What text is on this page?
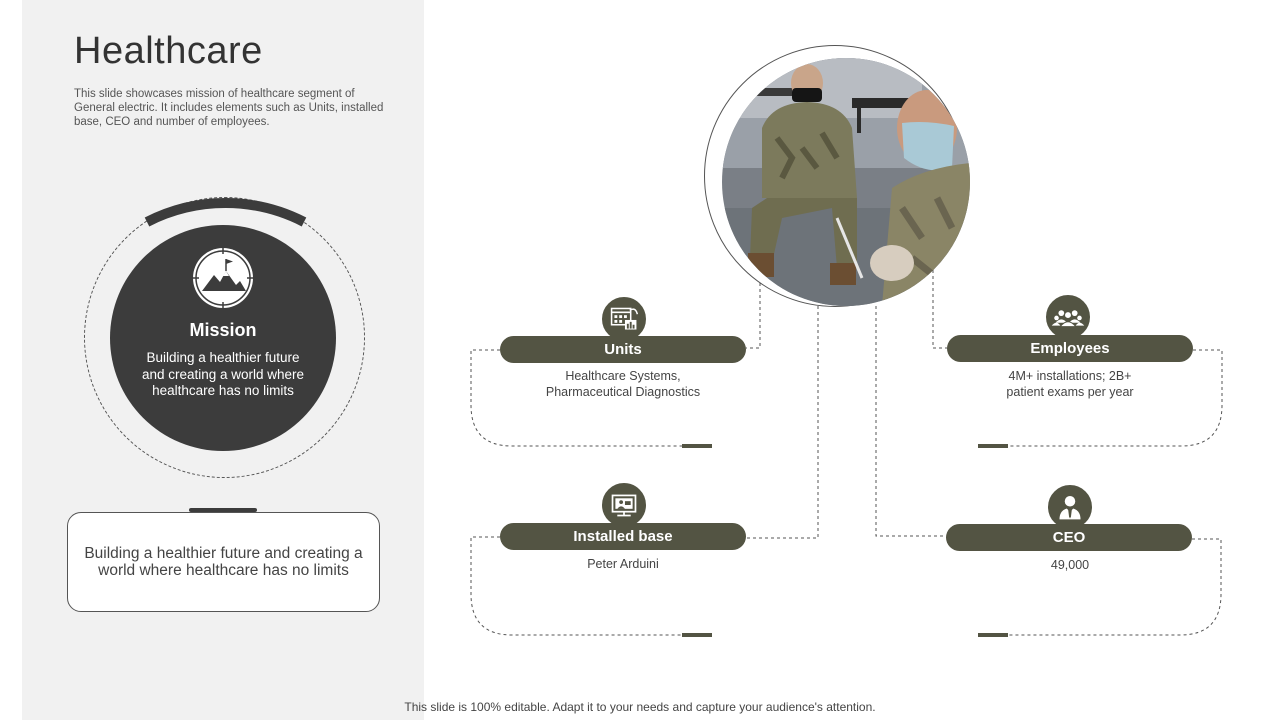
Healthcare

This slide showcases mission of healthcare segment of General electric. It includes elements such as Units, installed base, CEO and number of employees.

Mission
Building a healthier future and creating a world where healthcare has no limits
Building a healthier future and creating a world where healthcare has no limits
Units
Healthcare Systems, Pharmaceutical Diagnostics
Employees
4M+ installations; 2B+ patient exams per year
Installed base
Peter Arduini
CEO
49,000
This slide is 100% editable. Adapt it to your needs and capture your audience's attention.
